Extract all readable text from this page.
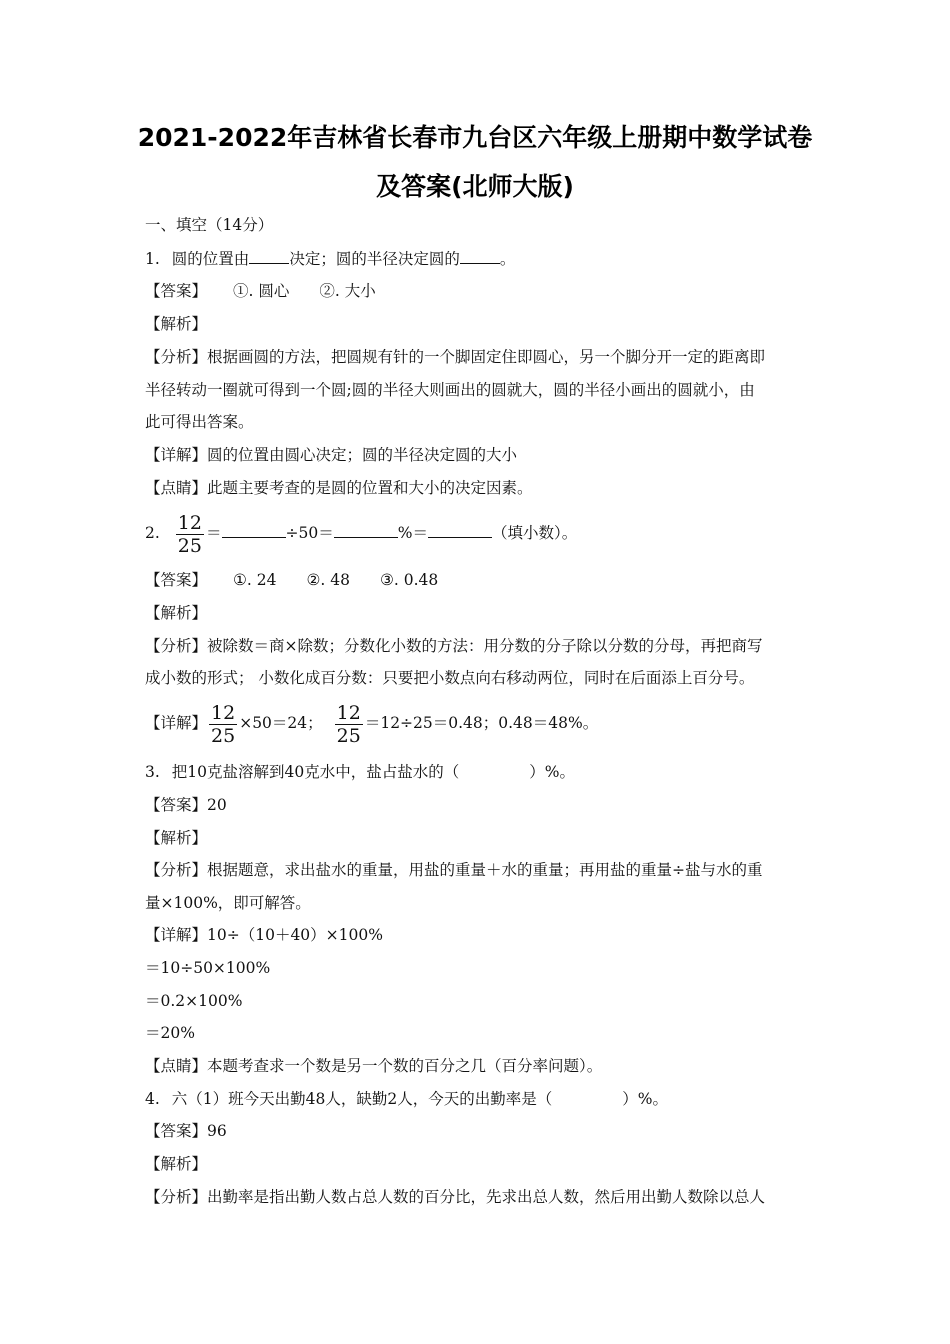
2021-2022年吉林省长春市九台区六年级上册期中数学试卷
及答案(北师大版)
一、填空（14分）
1. 圆的位置由	决定；圆的半径决定圆的	。
【答案】 ①. 圆心 ②. 大小
【解析】
【分析】根据画圆的方法，把圆规有针的一个脚固定住即圆心，另一个脚分开一定的距离即
半径转动一圈就可得到一个圆;圆的半径大则画出的圆就大，圆的半径小画出的圆就小，由
此可得出答案。
【详解】圆的位置由圆心决定；圆的半径决定圆的大小
【点睛】此题主要考查的是圆的位置和大小的决定因素。
2. $\frac{12}{25}$ ＝	÷50＝	%＝	（填小数）。
【答案】 ①. 24 ②. 48 ③. 0.48
【解析】
【分析】被除数＝商×除数；分数化小数的方法：用分数的分子除以分数的分母，再把商写
成小数的形式； 小数化成百分数：只要把小数点向右移动两位，同时在后面添上百分号。
【详解】 $\frac{12}{25} \times 50=24$； $\frac{12}{25} =12\div 25=0.48$；0.48＝48%。
3. 把10克盐溶解到40克水中，盐占盐水的（	）%。
【答案】20
【解析】
【分析】根据题意，求出盐水的重量，用盐的重量＋水的重量；再用盐的重量÷盐与水的重
量×100%，即可解答。
【详解】10÷（10＋40）×100%
＝10÷50×100%
＝0.2×100%
＝20%
【点睛】本题考查求一个数是另一个数的百分之几（百分率问题）。
4. 六（1）班今天出勤48人，缺勤2人，今天的出勤率是（	）%。
【答案】96
【解析】
【分析】出勤率是指出勤人数占总人数的百分比，先求出总人数，然后用出勤人数除以总人
